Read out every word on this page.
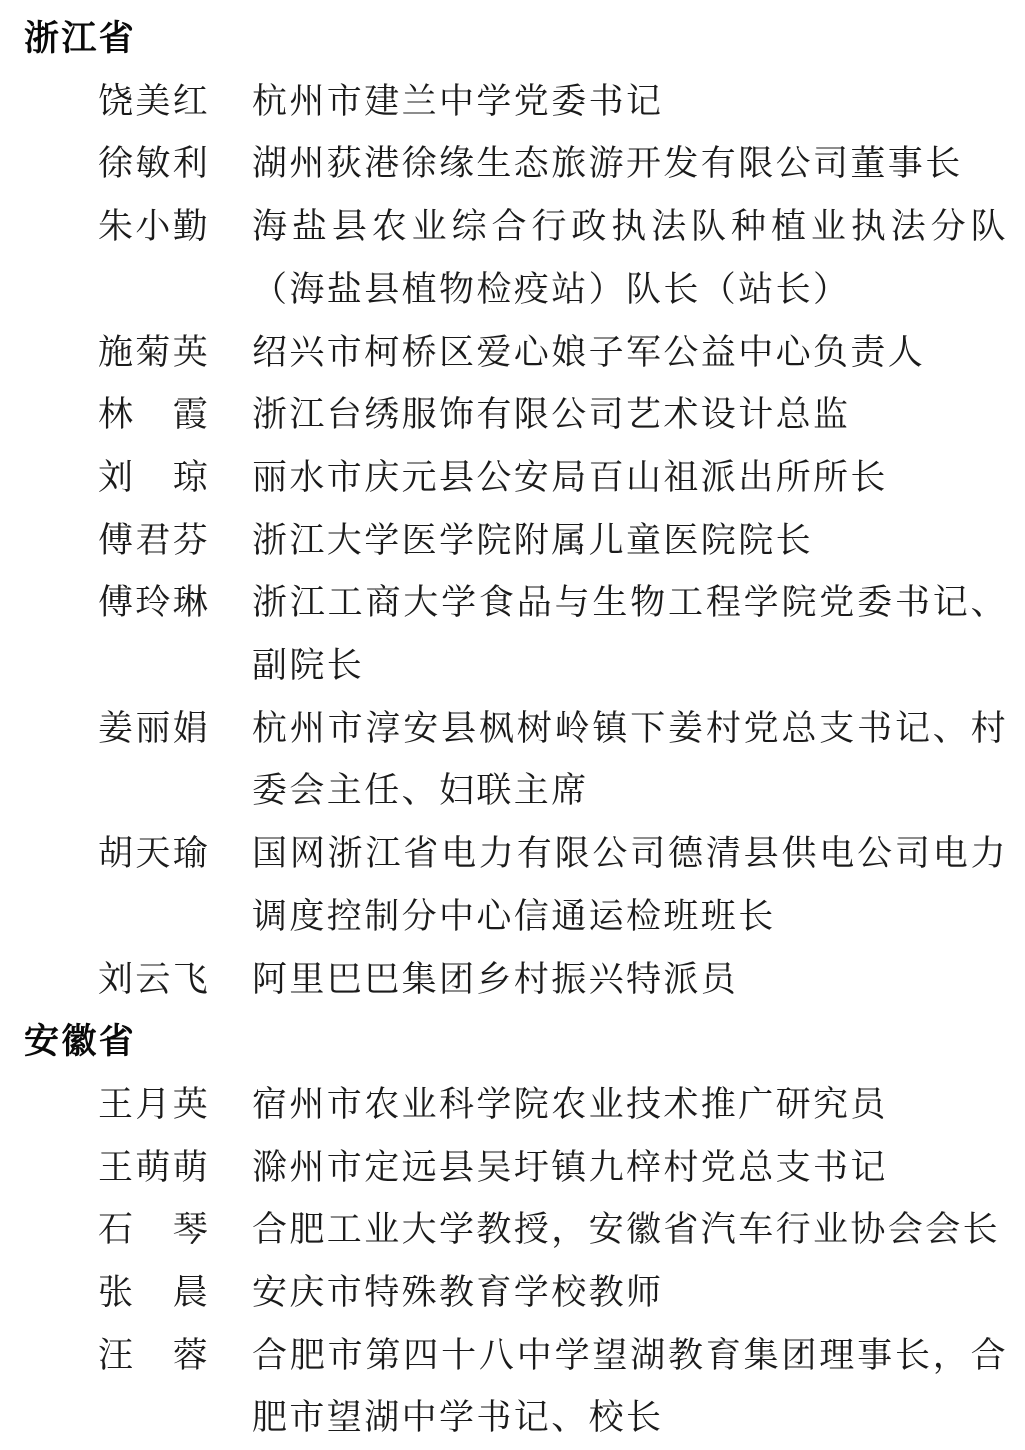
浙江省
饶美红 杭州市建兰中学党委书记
徐敏利 湖州荻港徐缘生态旅游开发有限公司董事长
朱小勤 海盐县农业综合行政执法队种植业执法分队（海盐县植物检疫站）队长（站长）
施菊英 绍兴市柯桥区爱心娘子军公益中心负责人
林　霞 浙江台绣服饰有限公司艺术设计总监
刘　琼 丽水市庆元县公安局百山祖派出所所长
傅君芬 浙江大学医学院附属儿童医院院长
傅玲琳 浙江工商大学食品与生物工程学院党委书记、副院长
姜丽娟 杭州市淳安县枫树岭镇下姜村党总支书记、村委会主任、妇联主席
胡天瑜 国网浙江省电力有限公司德清县供电公司电力调度控制分中心信通运检班班长
刘云飞 阿里巴巴集团乡村振兴特派员
安徽省
王月英 宿州市农业科学院农业技术推广研究员
王萌萌 滁州市定远县吴圩镇九梓村党总支书记
石　琴 合肥工业大学教授，安徽省汽车行业协会会长
张　晨 安庆市特殊教育学校教师
汪　蓉 合肥市第四十八中学望湖教育集团理事长，合肥市望湖中学书记、校长
